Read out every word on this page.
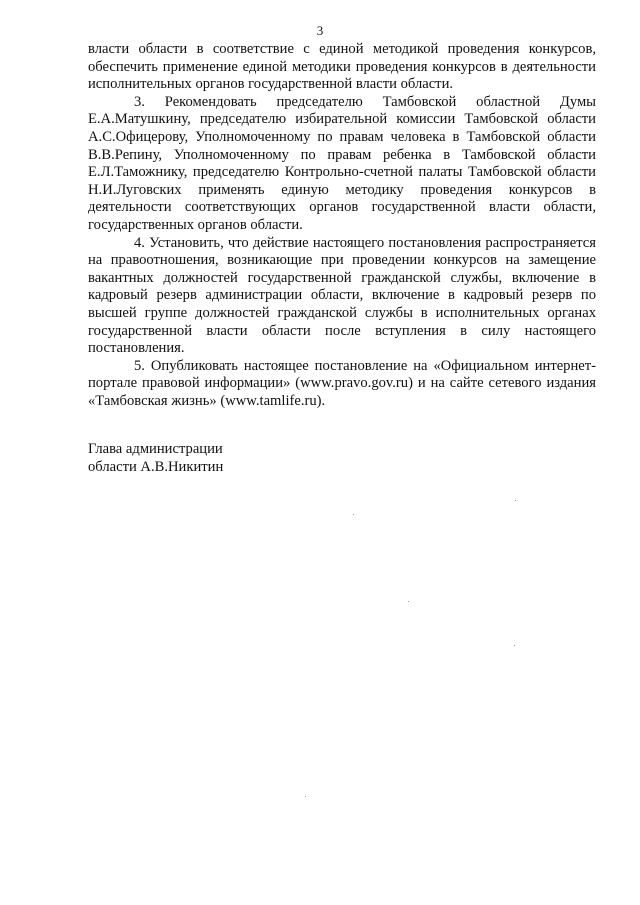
3

власти области в соответствие с единой методикой проведения конкурсов, обеспечить применение единой методики проведения конкурсов в деятельности исполнительных органов государственной власти области.

3. Рекомендовать председателю Тамбовской областной Думы Е.А.Матушкину, председателю избирательной комиссии Тамбовской области А.С.Офицерову, Уполномоченному по правам человека в Тамбовской области В.В.Репину, Уполномоченному по правам ребенка в Тамбовской области Е.Л.Таможнику, председателю Контрольно-счетной палаты Тамбовской области Н.И.Луговских применять единую методику проведения конкурсов в деятельности соответствующих органов государственной власти области, государственных органов области.

4. Установить, что действие настоящего постановления распространяется на правоотношения, возникающие при проведении конкурсов на замещение вакантных должностей государственной гражданской службы, включение в кадровый резерв администрации области, включение в кадровый резерв по высшей группе должностей гражданской службы в исполнительных органах государственной власти области после вступления в силу настоящего постановления.

5. Опубликовать настоящее постановление на «Официальном интернет-портале правовой информации» (www.pravo.gov.ru) и на сайте сетевого издания «Тамбовская жизнь» (www.tamlife.ru).

Глава администрации
области А.В.Никитин
